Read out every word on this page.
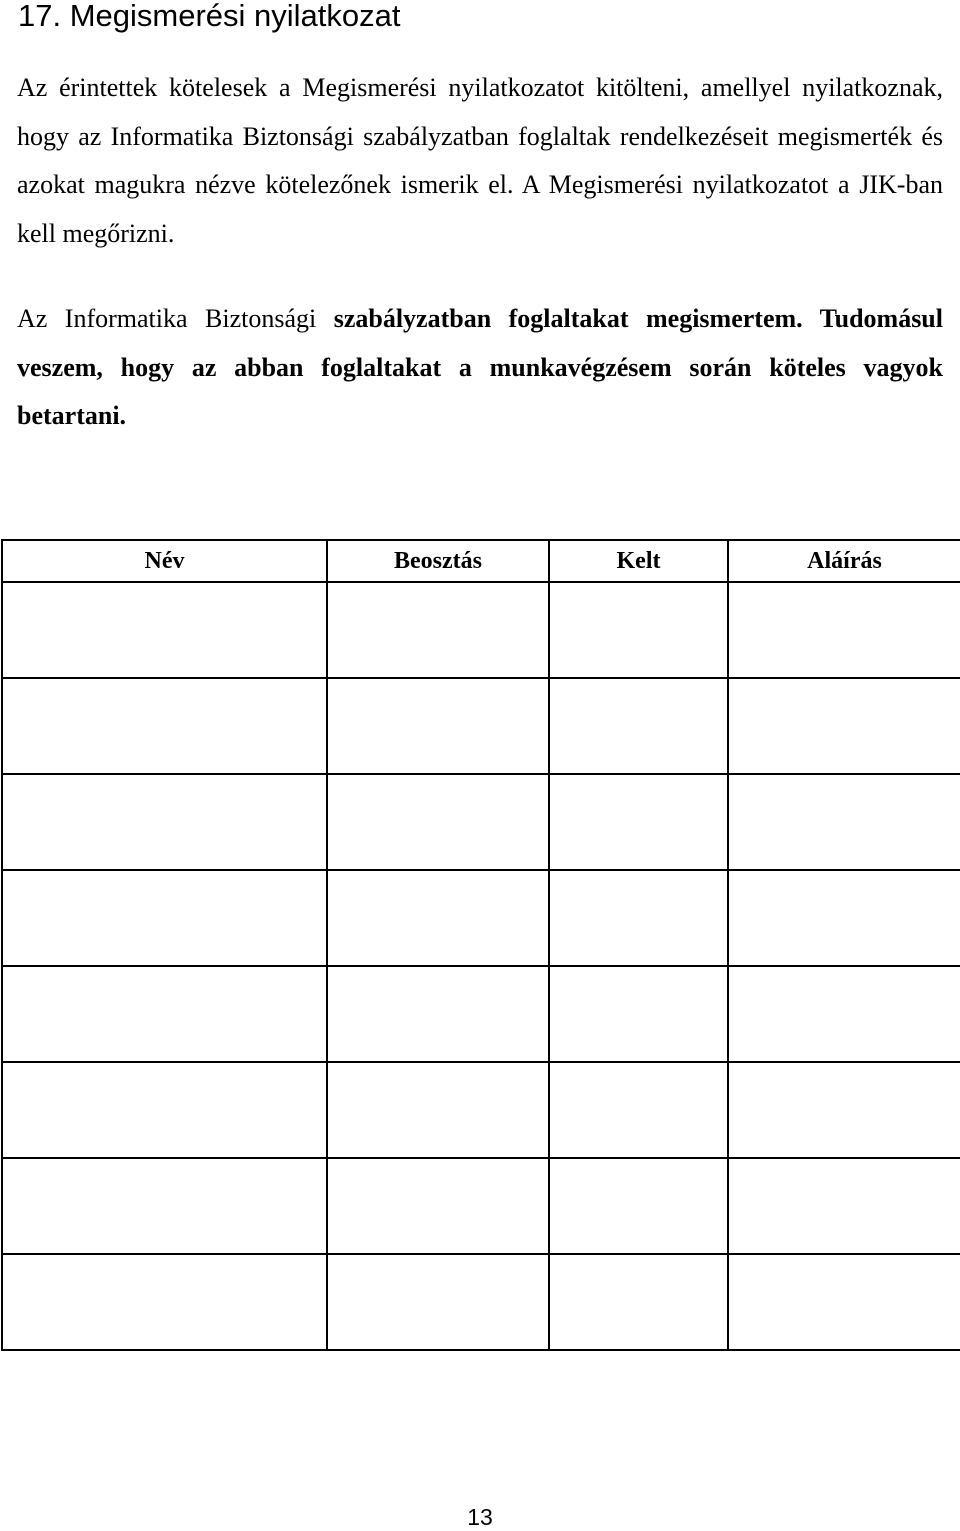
17. Megismerési nyilatkozat

Az érintettek kötelesek a Megismerési nyilatkozatot kitölteni, amellyel nyilatkoznak, hogy az Informatika Biztonsági szabályzatban foglaltak rendelkezéseit megismerték és azokat magukra nézve kötelezőnek ismerik el. A Megismerési nyilatkozatot a JIK-ban kell megőrizni.

Az Informatika Biztonsági szabályzatban foglaltakat megismertem. Tudomásul veszem, hogy az abban foglaltakat a munkavégzésem során köteles vagyok betartani.

Név	Beosztás	Kelt	Aláírás

13
